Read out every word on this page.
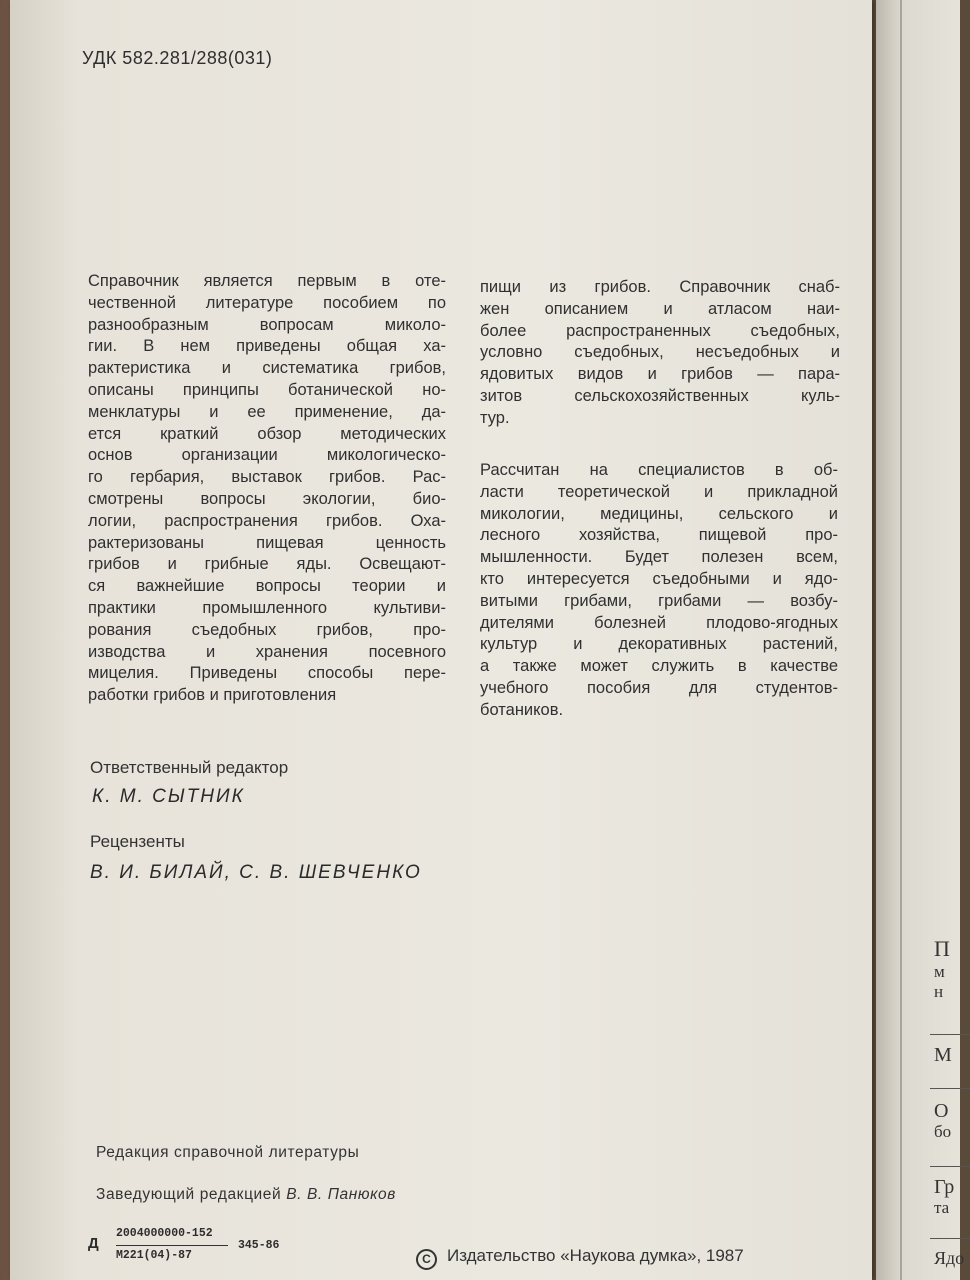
П
м
н
М
О
бо
Гр
та
Ядо
УДК 582.281/288(031)
Справочник является первым в оте-
чественной литературе пособием по
разнообразным вопросам миколо-
гии. В нем приведены общая ха-
рактеристика и систематика грибов,
описаны принципы ботанической но-
менклатуры и ее применение, да-
ется краткий обзор методических
основ организации микологическо-
го гербария, выставок грибов. Рас-
смотрены вопросы экологии, био-
логии, распространения грибов. Оха-
рактеризованы пищевая ценность
грибов и грибные яды. Освещают-
ся важнейшие вопросы теории и
практики промышленного культиви-
рования съедобных грибов, про-
изводства и хранения посевного
мицелия. Приведены способы пере-
работки грибов и приготовления
пищи из грибов. Справочник снаб-
жен описанием и атласом наи-
более распространенных съедобных,
условно съедобных, несъедобных и
ядовитых видов и грибов — пара-
зитов сельскохозяйственных куль-
тур.
Рассчитан на специалистов в об-
ласти теоретической и прикладной
микологии, медицины, сельского и
лесного хозяйства, пищевой про-
мышленности. Будет полезен всем,
кто интересуется съедобными и ядо-
витыми грибами, грибами — возбу-
дителями болезней плодово-ягодных
культур и декоративных растений,
а также может служить в качестве
учебного пособия для студентов-
ботаников.
Ответственный редактор
К. М. СЫТНИК
Рецензенты
В. И. БИЛАЙ, С. В. ШЕВЧЕНКО
Редакция справочной литературы
Заведующий редакцией В. В. Панюков
Д
2004000000-152
М221(04)-87
345-86
C Издательство «Наукова думка», 1987
